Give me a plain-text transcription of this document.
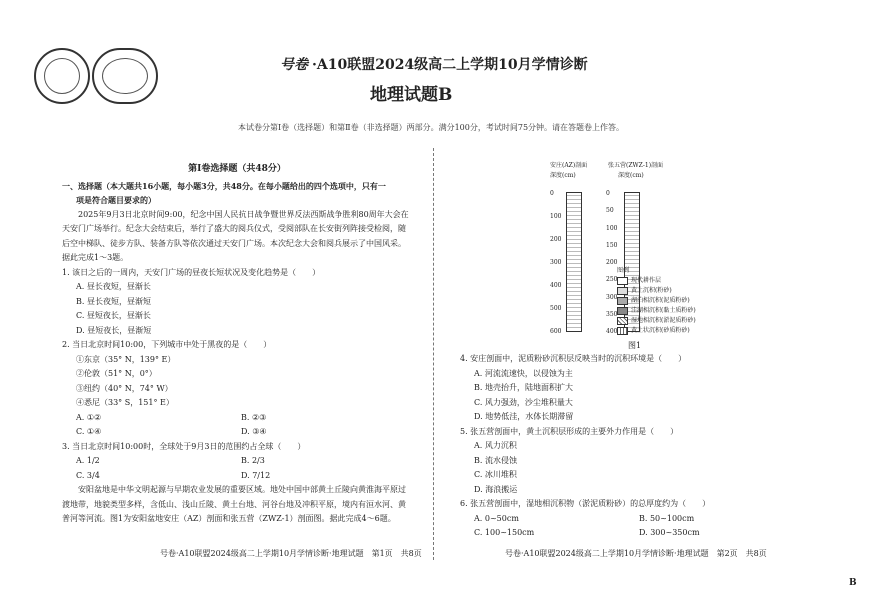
号卷 ·A10联盟2024级高二上学期10月学情诊断
地理试题B
本试卷分第Ⅰ卷（选择题）和第Ⅱ卷（非选择题）两部分。满分100分，考试时间75分钟。请在答题卷上作答。
第Ⅰ卷选择题（共48分）

一、选择题（本大题共16小题，每小题3分，共48分。在每小题给出的四个选项中，只有一

项是符合题目要求的）

2025年9月3日北京时间9:00，纪念中国人民抗日战争暨世界反法西斯战争胜利80周年大会在天安门广场举行。纪念大会结束后，举行了盛大的阅兵仪式，受阅部队在长安街列阵接受检阅，随后空中梯队、徒步方队、装备方队等依次通过天安门广场。本次纪念大会和阅兵展示了中国风采。据此完成1～3题。

1. 该日之后的一周内，天安门广场的昼夜长短状况及变化趋势是（　　）

A. 昼长夜短，昼渐长

B. 昼长夜短，昼渐短

C. 昼短夜长，昼渐长

D. 昼短夜长，昼渐短

2. 当日北京时间10:00，下列城市中处于黑夜的是（　　）

①东京（35° N，139° E）

②伦敦（51° N，0°）

③纽约（40° N，74° W）

④悉尼（33° S，151° E）

A. ①②	B. ②③
C. ①④	D. ③④

3. 当日北京时间10:00时，全球处于9月3日的范围约占全球（　　）

A. 1/2	B. 2/3
C. 3/4	D. 7/12

安阳盆地是中华文明起源与早期农业发展的重要区域。地处中国中部黄土丘陵向黄淮海平原过渡地带，地貌类型多样，含低山、浅山丘陵、黄土台地、河谷台地及冲积平原，境内有洹水河、黄普河等河流。图1为安阳盆地安庄（AZ）剖面和张五营（ZWZ-1）剖面图。据此完成4～6题。

安庄(AZ)剖面	张五营(ZWZ-1)剖面
深度(cm)	深度(cm)
0
100
200
300
400
500
600
0
50
100
150
200
250
300
350
400
图例
现代耕作层
黄土沉积(粉砂)
湖泊相沉积(泥质粉砂)
洼湖相沉积(黏土质粉砂)
湿地相沉积(淤泥质粉砂)
黄土状沉积(砂质粉砂)
图1

4. 安庄剖面中，泥质粉砂沉积层反映当时的沉积环境是（　　）

A. 河流流速快，以侵蚀为主

B. 地壳抬升，陆地面积扩大

C. 风力强劲，沙尘堆积量大

D. 地势低洼，水体长期滞留

5. 张五营剖面中，黄土沉积层形成的主要外力作用是（　　）

A. 风力沉积

B. 流水侵蚀

C. 冰川堆积

D. 海浪搬运

6. 张五营剖面中，湿地相沉积物（淤泥质粉砂）的总厚度约为（　　）

A. 0~50cm	B. 50~100cm
C. 100~150cm	D. 300~350cm
号卷·A10联盟2024级高二上学期10月学情诊断·地理试题　第1页　共8页	号卷·A10联盟2024级高二上学期10月学情诊断·地理试题　第2页　共8页
B
